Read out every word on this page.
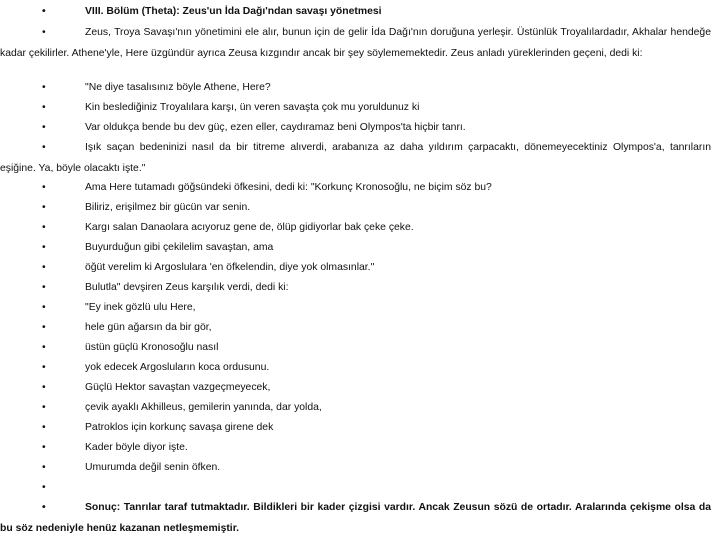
•	VIII. Bölüm (Theta): Zeus'un İda Dağı'ndan savaşı yönetmesi
•	Zeus, Troya Savaşı'nın yönetimini ele alır, bunun için de gelir İda Dağı'nın doruğuna yerleşir. Üstünlük Troyalılardadır, Akhalar hendeğe kadar çekilirler. Athene'yle, Here üzgündür ayrıca Zeusa kızgındır ancak bir şey söylememektedir. Zeus anladı yüreklerinden geçeni, dedi ki:
•	"Ne diye tasalısınız böyle Athene, Here?
•	Kin beslediğiniz Troyalılara karşı, ün veren savaşta çok mu yoruldunuz ki
•	Var oldukça bende bu dev güç, ezen eller, caydıramaz beni Olympos'ta hiçbir tanrı.
•	Işık saçan bedeninizi nasıl da bir titreme alıverdi, arabanıza az daha yıldırım çarpacaktı, dönemeyecektiniz Olympos'a, tanrıların eşiğine. Ya, böyle olacaktı işte."
•	Ama Here tutamadı göğsündeki öfkesini, dedi ki: "Korkunç Kronosoğlu, ne biçim söz bu?
•	Biliriz, erişilmez bir gücün var senin.
•	Kargı salan Danaolara acıyoruz gene de, ölüp gidiyorlar bak çeke çeke.
•	Buyurduğun gibi çekilelim savaştan, ama
•	öğüt verelim ki Argoslulara 'en öfkelendin, diye yok olmasınlar."
•	Bulutla" devşiren Zeus karşılık verdi, dedi ki:
•	"Ey inek gözlü ulu Here,
•	hele gün ağarsın da bir gör,
•	üstün güçlü Kronosoğlu nasıl
•	yok edecek Argosluların koca ordusunu.
•	Güçlü Hektor savaştan vazgeçmeyecek,
•	çevik ayaklı Akhilleus, gemilerin yanında, dar yolda,
•	Patroklos için korkunç savaşa girene dek
•	Kader böyle diyor işte.
•	Umurumda değil senin öfken.
•
•	Sonuç: Tanrılar taraf tutmaktadır. Bildikleri bir kader çizgisi vardır. Ancak Zeusun sözü de ortadır. Aralarında çekişme olsa da bu söz nedeniyle henüz kazanan netleşmemiştir.
